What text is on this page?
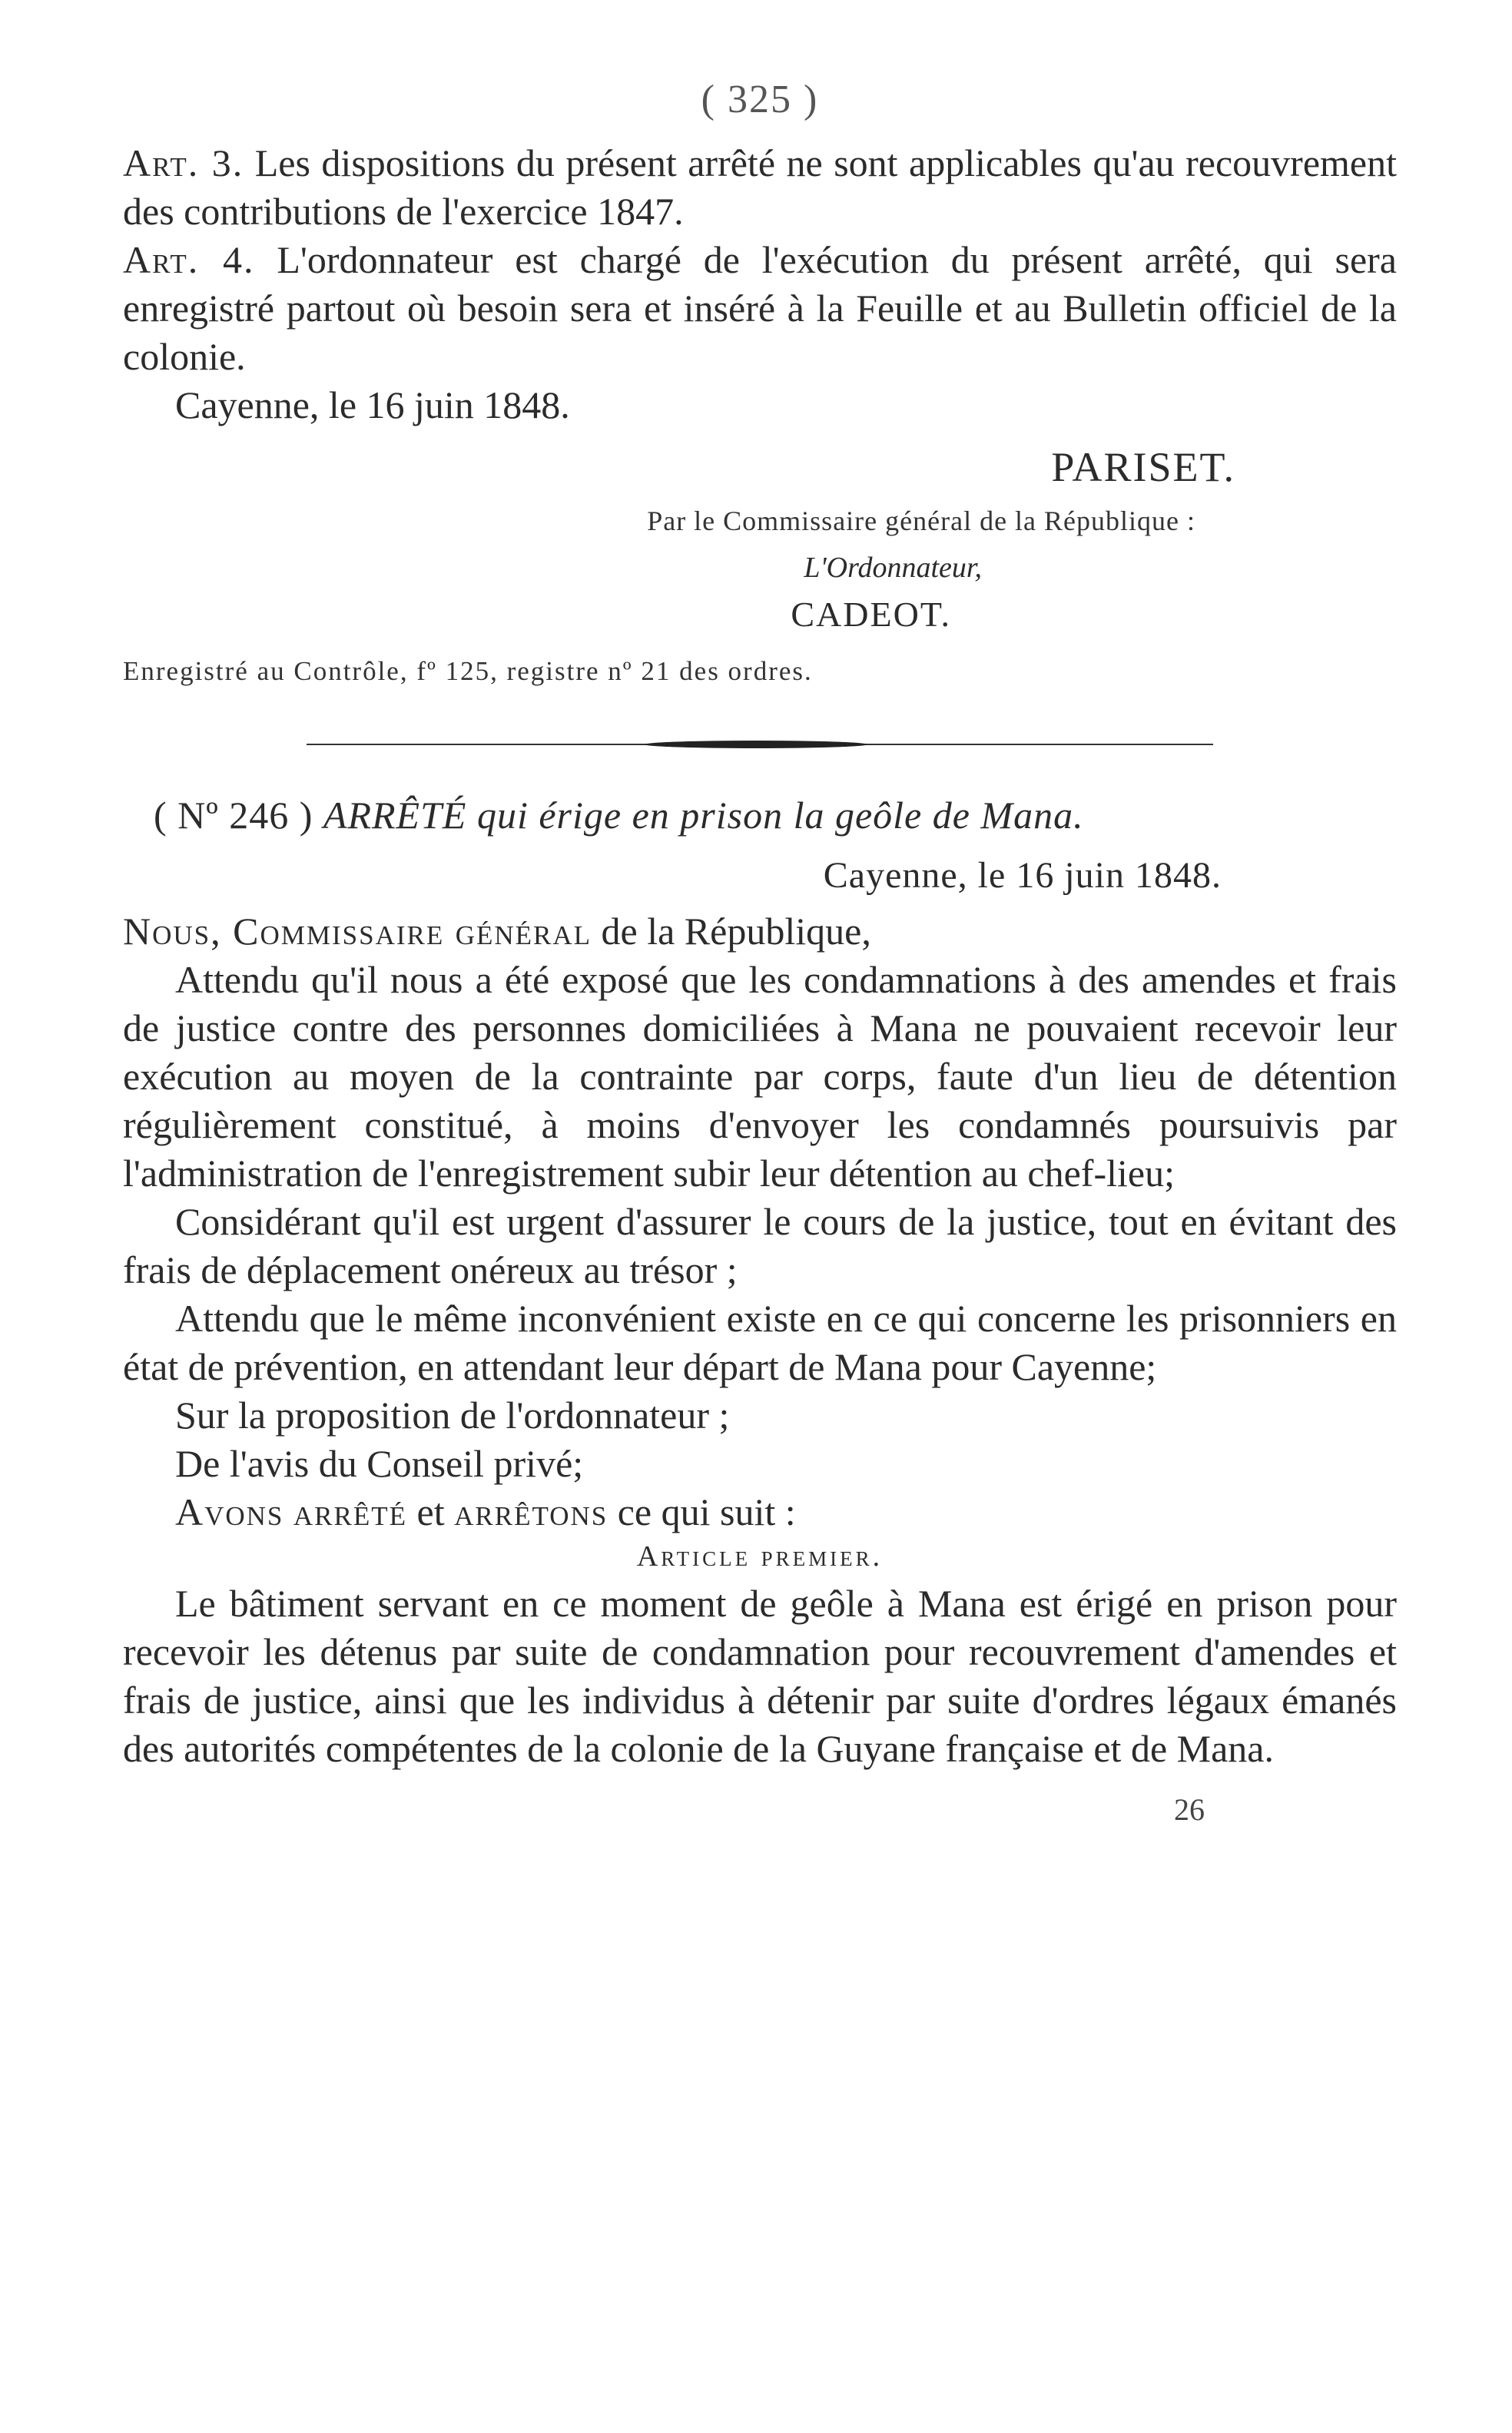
( 325 )

Art. 3. Les dispositions du présent arrêté ne sont applicables qu'au recouvrement des contributions de l'exercice 1847.

Art. 4. L'ordonnateur est chargé de l'exécution du présent arrêté, qui sera enregistré partout où besoin sera et inséré à la Feuille et au Bulletin officiel de la colonie.

Cayenne, le 16 juin 1848.

PARISET.
Par le Commissaire général de la République :
L'Ordonnateur,
CADEOT.
Enregistré au Contrôle, fº 125, registre nº 21 des ordres.
( Nº 246 ) ARRÊTÉ qui érige en prison la geôle de Mana.
Cayenne, le 16 juin 1848.

Nous, Commissaire général de la République,

Attendu qu'il nous a été exposé que les condamnations à des amendes et frais de justice contre des personnes domiciliées à Mana ne pouvaient recevoir leur exécution au moyen de la contrainte par corps, faute d'un lieu de détention régulièrement constitué, à moins d'envoyer les condamnés poursuivis par l'administration de l'enregistrement subir leur détention au chef-lieu;

Considérant qu'il est urgent d'assurer le cours de la justice, tout en évitant des frais de déplacement onéreux au trésor ;

Attendu que le même inconvénient existe en ce qui concerne les prisonniers en état de prévention, en attendant leur départ de Mana pour Cayenne;

Sur la proposition de l'ordonnateur ;

De l'avis du Conseil privé;

Avons arrêté et arrêtons ce qui suit :

Article premier.

Le bâtiment servant en ce moment de geôle à Mana est érigé en prison pour recevoir les détenus par suite de condamnation pour recouvrement d'amendes et frais de justice, ainsi que les individus à détenir par suite d'ordres légaux émanés des autorités compétentes de la colonie de la Guyane française et de Mana.

26
